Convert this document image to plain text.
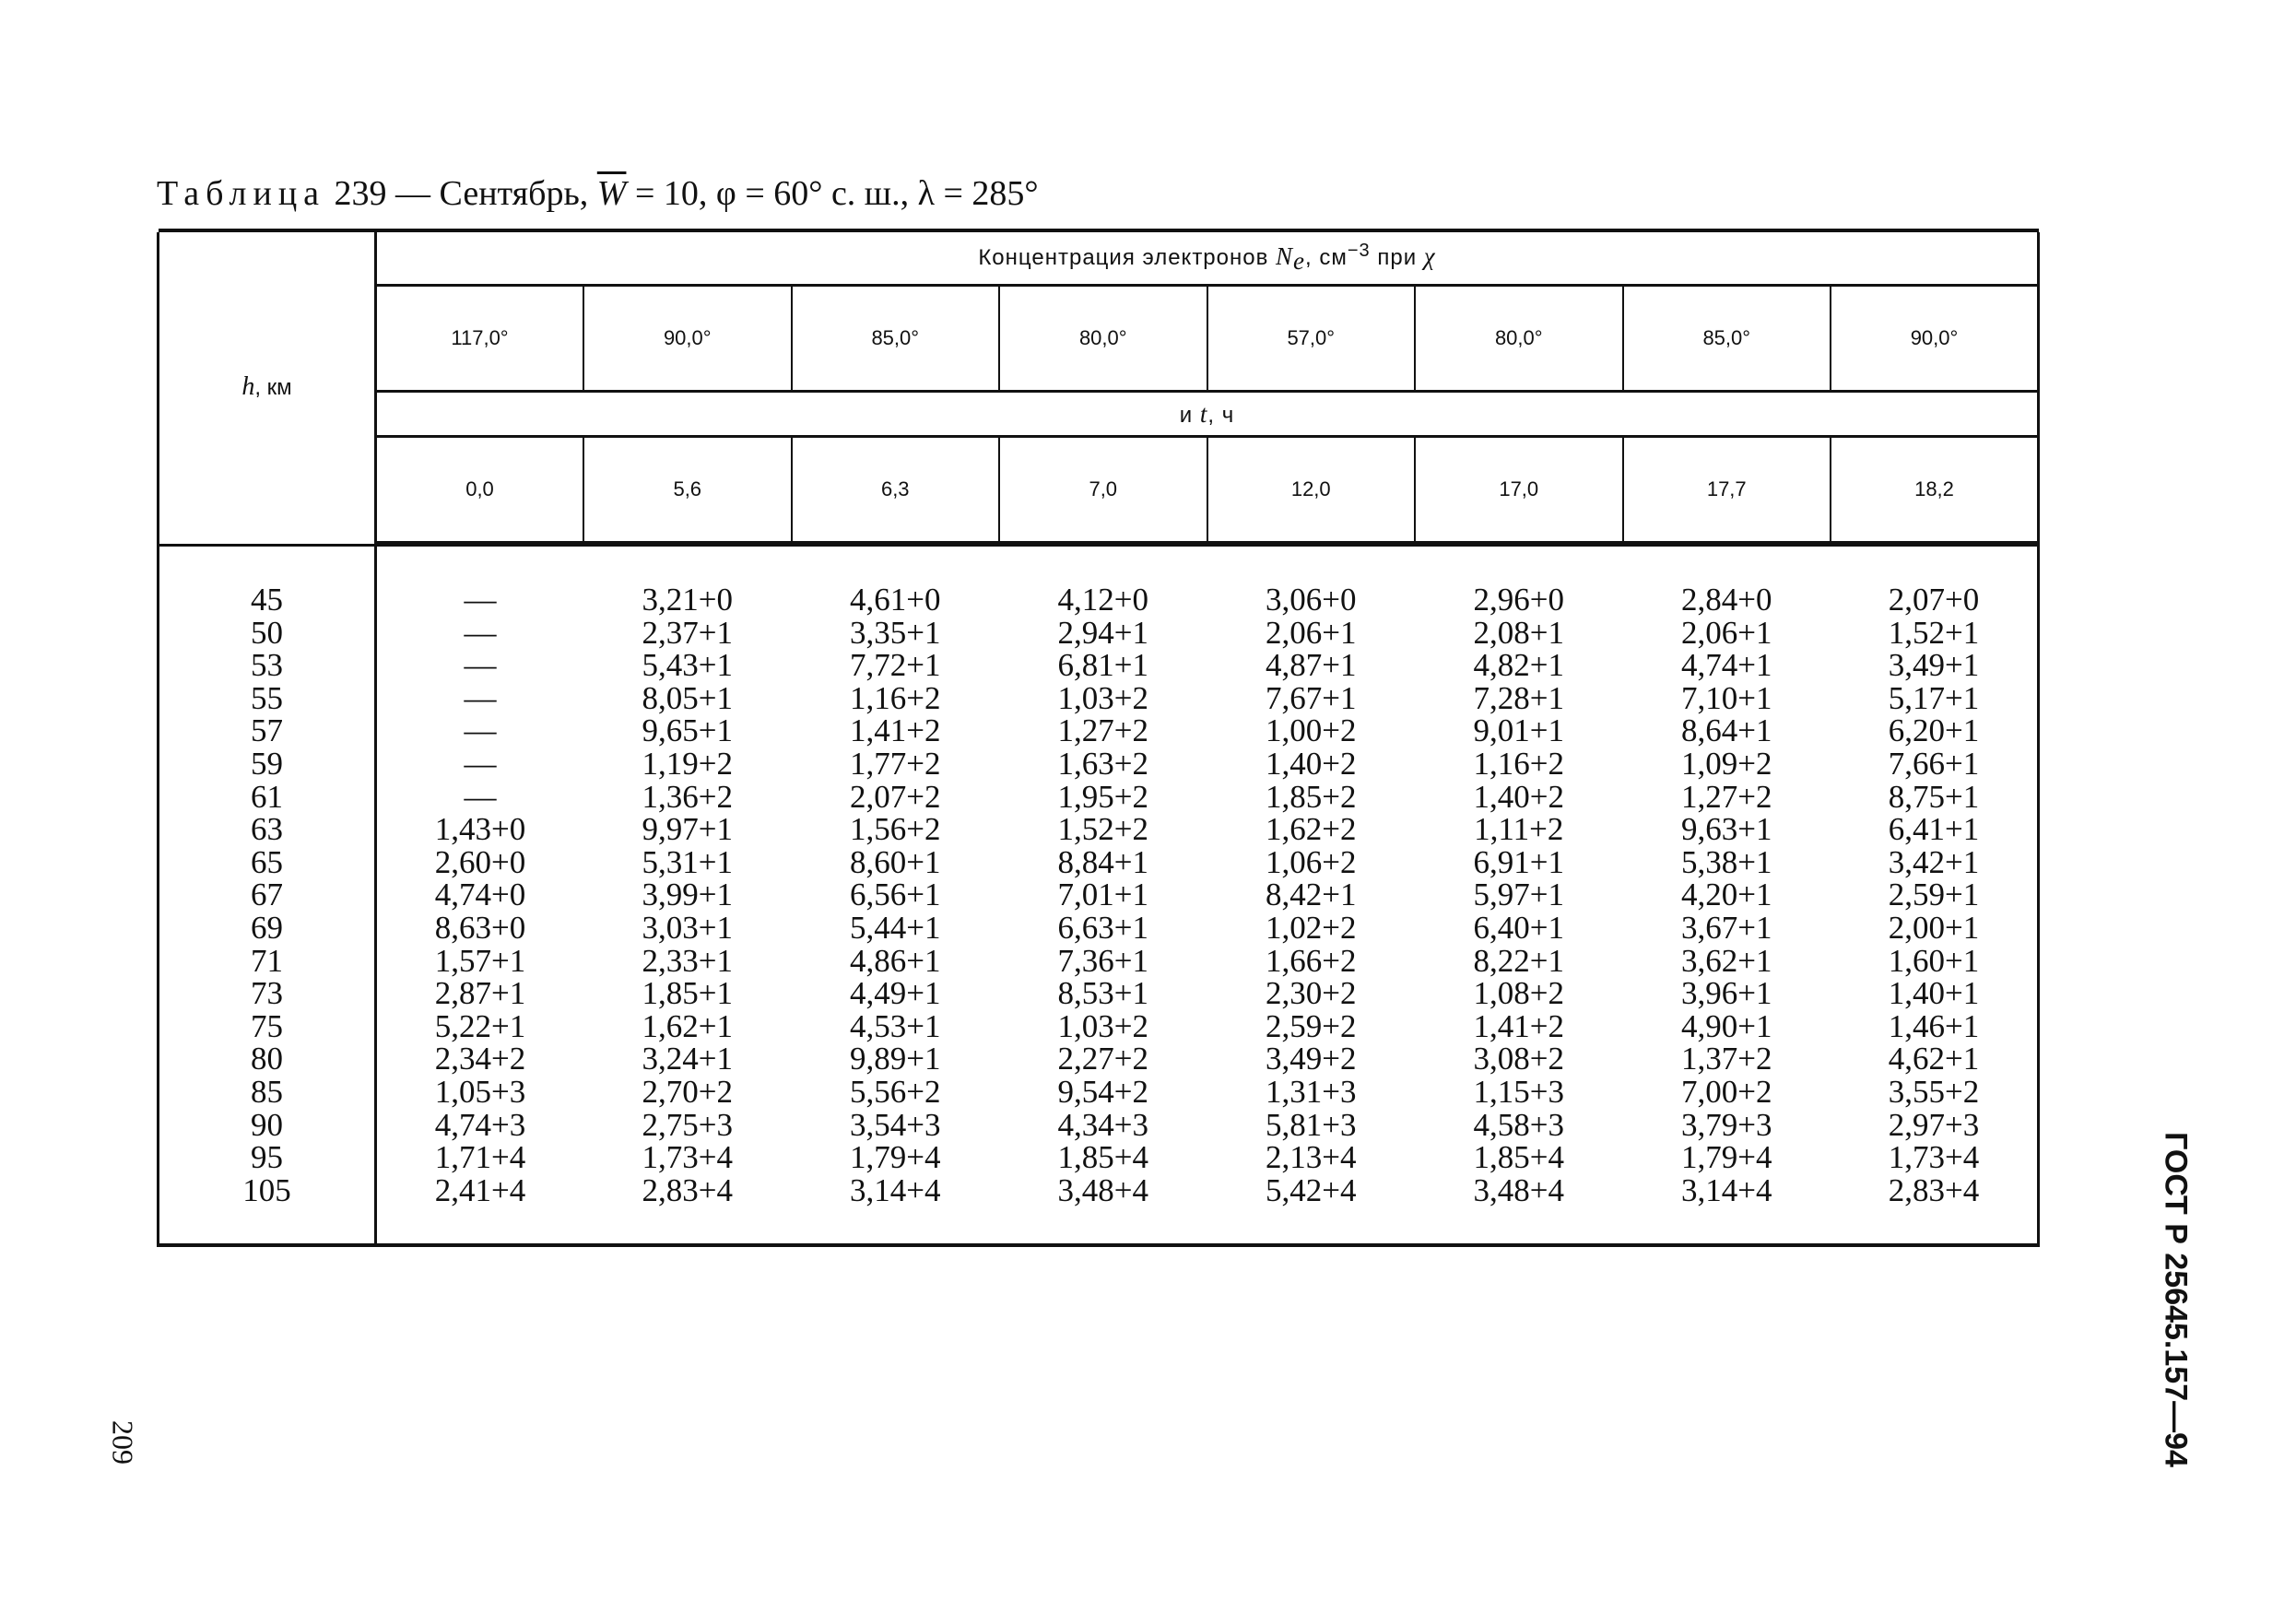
Таблица 239 — Сентябрь, $\overline{W} = 10$, φ = 60° с. ш., λ = 285°

h, км	Концентрация электронов $N_e$, $см^{-3}$ при χ							

	117,0°	90,0°	85,0°	80,0°	57,0°	80,0°	85,0°	90,0°
	и t, ч							
	0,0	5,6	6,3	7,0	12,0	17,0	17,7	18,2

45	—	3,21+0	4,61+0	4,12+0	3,06+0	2,96+0	2,84+0	2,07+0
50	—	2,37+1	3,35+1	2,94+1	2,06+1	2,08+1	2,06+1	1,52+1
53	—	5,43+1	7,72+1	6,81+1	4,87+1	4,82+1	4,74+1	3,49+1
55	—	8,05+1	1,16+2	1,03+2	7,67+1	7,28+1	7,10+1	5,17+1
57	—	9,65+1	1,41+2	1,27+2	1,00+2	9,01+1	8,64+1	6,20+1
59	—	1,19+2	1,77+2	1,63+2	1,40+2	1,16+2	1,09+2	7,66+1
61	—	1,36+2	2,07+2	1,95+2	1,85+2	1,40+2	1,27+2	8,75+1
63	1,43+0	9,97+1	1,56+2	1,52+2	1,62+2	1,11+2	9,63+1	6,41+1
65	2,60+0	5,31+1	8,60+1	8,84+1	1,06+2	6,91+1	5,38+1	3,42+1
67	4,74+0	3,99+1	6,56+1	7,01+1	8,42+1	5,97+1	4,20+1	2,59+1
69	8,63+0	3,03+1	5,44+1	6,63+1	1,02+2	6,40+1	3,67+1	2,00+1
71	1,57+1	2,33+1	4,86+1	7,36+1	1,66+2	8,22+1	3,62+1	1,60+1
73	2,87+1	1,85+1	4,49+1	8,53+1	2,30+2	1,08+2	3,96+1	1,40+1
75	5,22+1	1,62+1	4,53+1	1,03+2	2,59+2	1,41+2	4,90+1	1,46+1
80	2,34+2	3,24+1	9,89+1	2,27+2	3,49+2	3,08+2	1,37+2	4,62+1
85	1,05+3	2,70+2	5,56+2	9,54+2	1,31+3	1,15+3	7,00+2	3,55+2
90	4,74+3	2,75+3	3,54+3	4,34+3	5,81+3	4,58+3	3,79+3	2,97+3
95	1,71+4	1,73+4	1,79+4	1,85+4	2,13+4	1,85+4	1,79+4	1,73+4
105	2,41+4	2,83+4	3,14+4	3,48+4	5,42+4	3,48+4	3,14+4	2,83+4
									ГОСТ Р 25645.157—94
209
